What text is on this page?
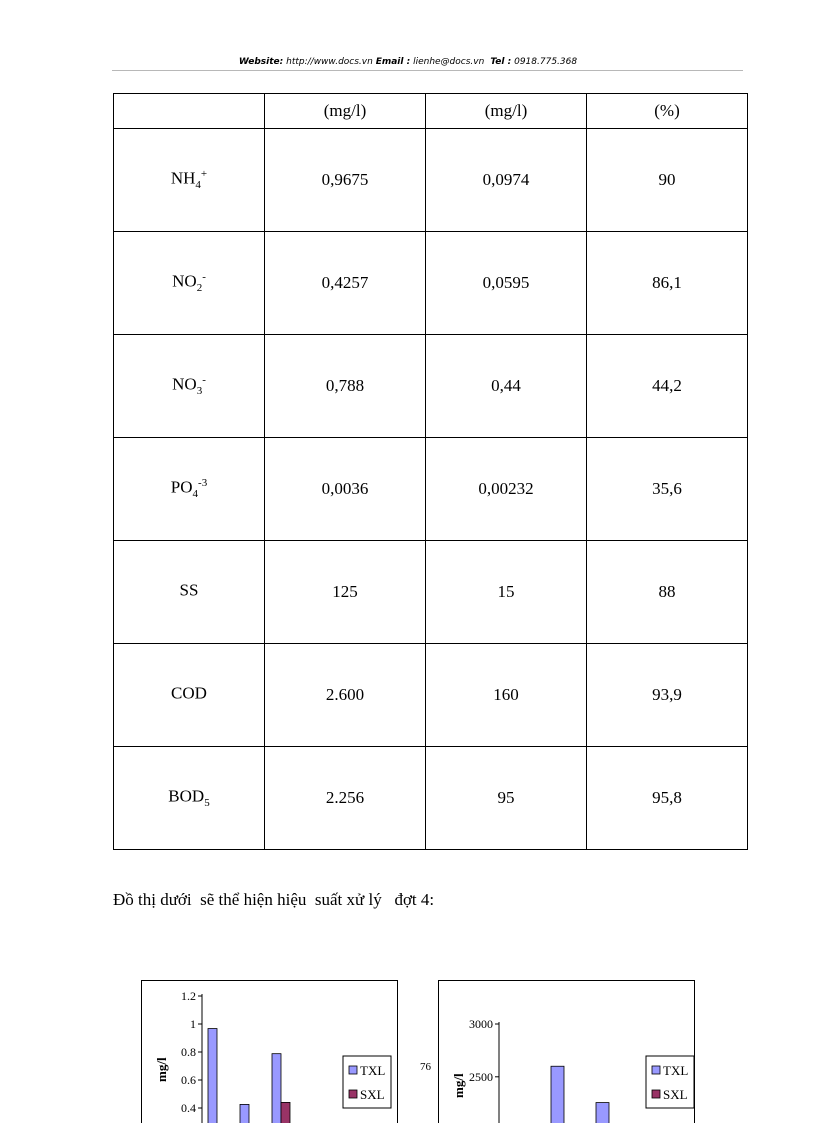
Website: http://www.docs.vn Email : lienhe@docs.vn Tel : 0918.775.368
	(mg/l)	(mg/l)	(%)
$NH_4^+$	0,9675	0,0974	90
$NO_2^-$	0,4257	0,0595	86,1
$NO_3^-$	0,788	0,44	44,2
$PO_4^{-3}$	0,0036	0,00232	35,6
SS	125	15	88
COD	2.600	160	93,9
$BOD_5$	2.256	95	95,8
Đồ thị dưới  sẽ thể hiện hiệu  suất xử lý   đợt 4:
1.2
1
0.8
0.6
0.4
mg/l	TXL
SXL
3000
2500
mg/l
TXL
SXL
76
